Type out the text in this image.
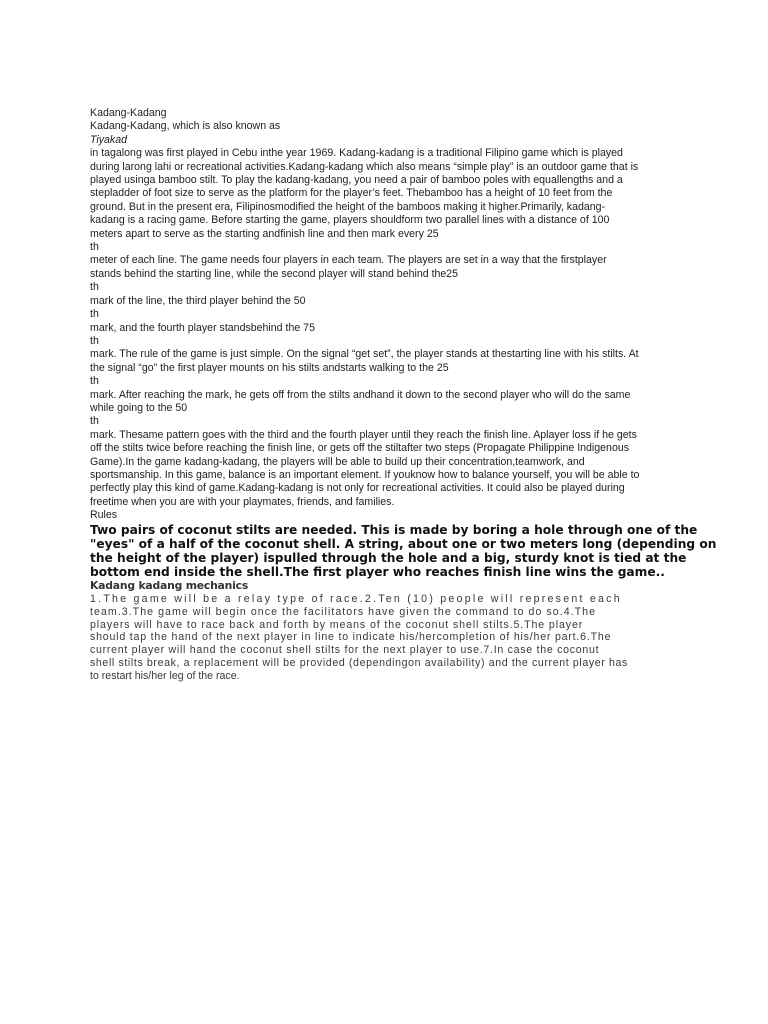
Kadang-Kadang
Kadang-Kadang, which is also known as
Tiyakad
in tagalong was first played in Cebu inthe year 1969. Kadang-kadang is a traditional Filipino game which is played
during larong lahi or recreational activities.Kadang-kadang which also means “simple play” is an outdoor game that is
played usinga bamboo stilt. To play the kadang-kadang, you need a pair of bamboo poles with equallengths and a
stepladder of foot size to serve as the platform for the player’s feet. Thebamboo has a height of 10 feet from the
ground. But in the present era, Filipinosmodified the height of the bamboos making it higher.Primarily, kadang-
kadang is a racing game. Before starting the game, players shouldform two parallel lines with a distance of 100
meters apart to serve as the starting andfinish line and then mark every 25
th
meter of each line. The game needs four players in each team. The players are set in a way that the firstplayer
stands behind the starting line, while the second player will stand behind the25
th
mark of the line, the third player behind the 50
th
mark, and the fourth player standsbehind the 75
th
mark. The rule of the game is just simple. On the signal “get set”, the player stands at thestarting line with his stilts. At
the signal “go” the first player mounts on his stilts andstarts walking to the 25
th
mark. After reaching the mark, he gets off from the stilts andhand it down to the second player who will do the same
while going to the 50
th
mark. Thesame pattern goes with the third and the fourth player until they reach the finish line. Aplayer loss if he gets
off the stilts twice before reaching the finish line, or gets off the stiltafter two steps (Propagate Philippine Indigenous
Game).In the game kadang-kadang, the players will be able to build up their concentration,teamwork, and
sportsmanship. In this game, balance is an important element. If youknow how to balance yourself, you will be able to
perfectly play this kind of game.Kadang-kadang is not only for recreational activities. It could also be played during
freetime when you are with your playmates, friends, and families.
Rules
Two pairs of coconut stilts are needed. This is made by boring a hole through one of the
"eyes" of a half of the coconut shell. A string, about one or two meters long (depending on
the height of the player) ispulled through the hole and a big, sturdy knot is tied at the
bottom end inside the shell.The first player who reaches finish line wins the game..
Kadang kadang mechanics
1.The game will be a relay type of race.2.Ten (10) people will represent each
team.3.The game will begin once the facilitators have given the command to do so.4.The
players will have to race back and forth by means of the coconut shell stilts.5.The player
should tap the hand of the next player in line to indicate his/hercompletion of his/her part.6.The
current player will hand the coconut shell stilts for the next player to use.7.In case the coconut
shell stilts break, a replacement will be provided (dependingon availability) and the current player has
to restart his/her leg of the race.
